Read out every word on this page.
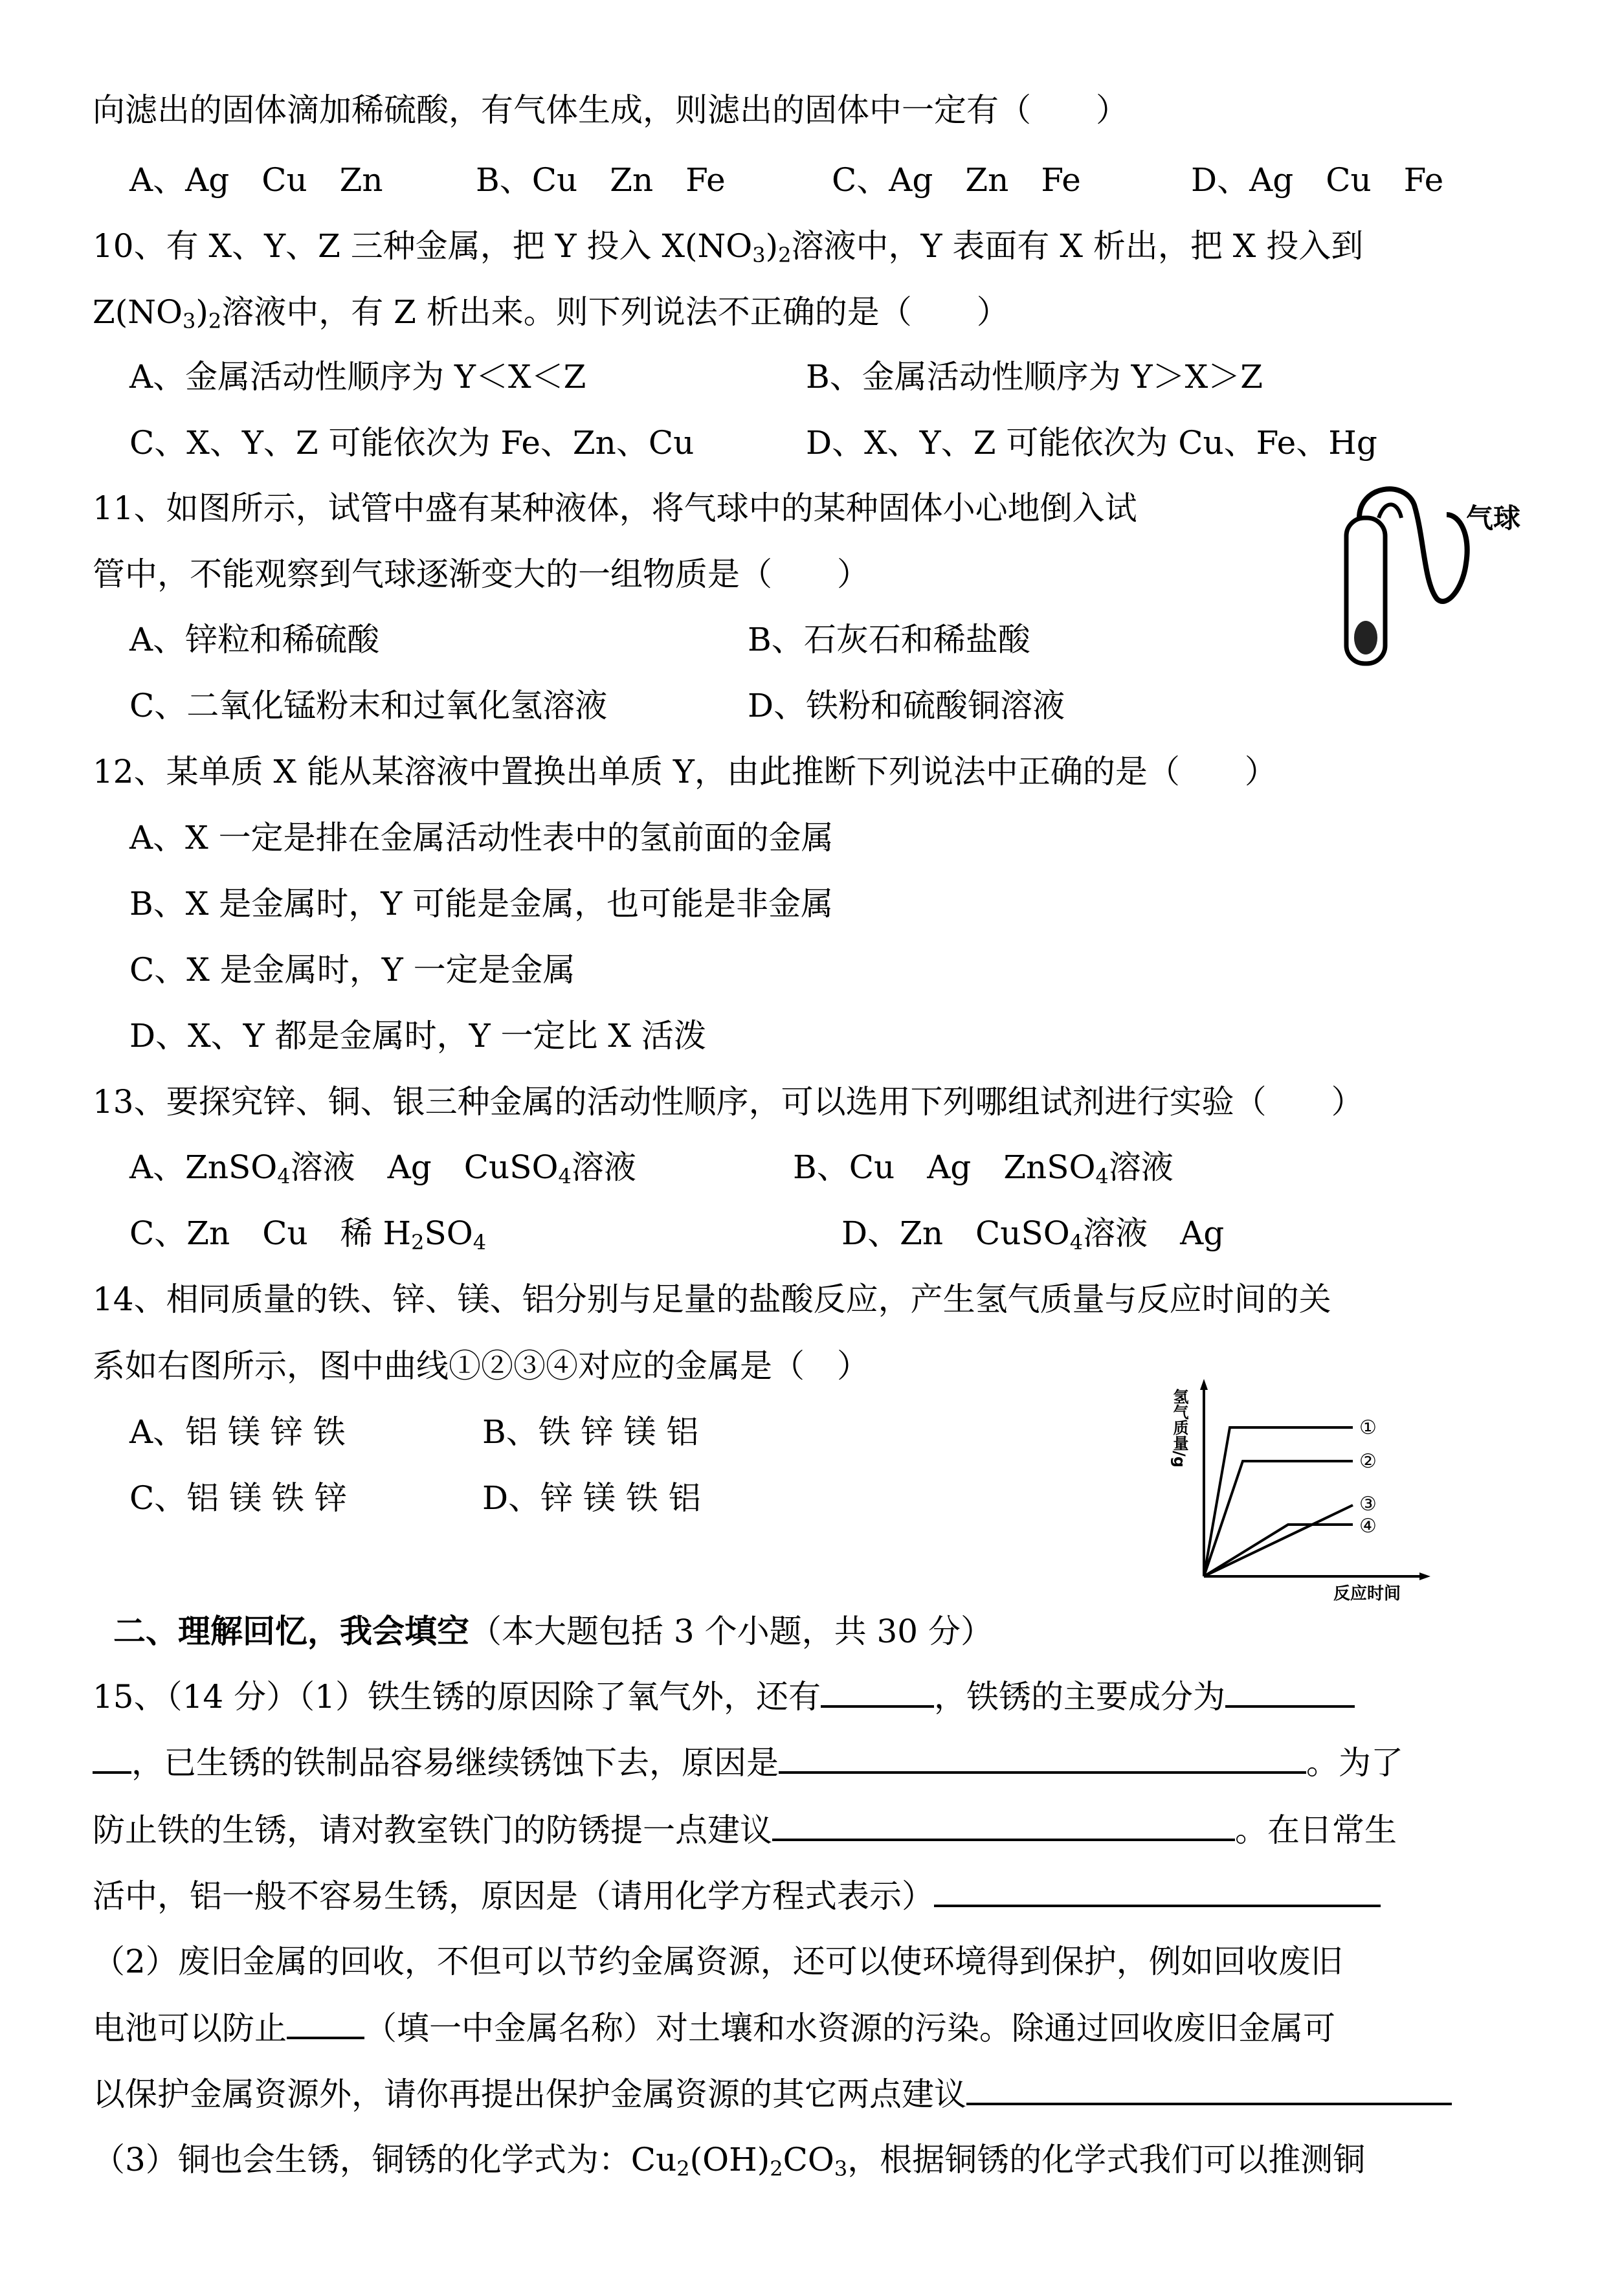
向滤出的固体滴加稀硫酸，有气体生成，则滤出的固体中一定有（　　）
A、Ag　Cu　Zn	B、Cu　Zn　Fe	C、Ag　Zn　Fe	D、Ag　Cu　Fe
10、有 X、Y、Z 三种金属，把 Y 投入 $X(NO_3)_2$溶液中，Y 表面有 X 析出，把 X 投入到
$Z(NO_3)_2$溶液中，有 Z 析出来。则下列说法不正确的是（　　）
A、金属活动性顺序为 Y＜X＜Z	B、金属活动性顺序为 Y＞X＞Z
C、X、Y、Z 可能依次为 Fe、Zn、Cu	D、X、Y、Z 可能依次为 Cu、Fe、Hg
11、如图所示，试管中盛有某种液体，将气球中的某种固体小心地倒入试
管中，不能观察到气球逐渐变大的一组物质是（　　）
A、锌粒和稀硫酸	B、石灰石和稀盐酸
C、二氧化锰粉末和过氧化氢溶液	D、铁粉和硫酸铜溶液
气球
12、某单质 X 能从某溶液中置换出单质 Y，由此推断下列说法中正确的是（　　）
A、X 一定是排在金属活动性表中的氢前面的金属
B、X 是金属时，Y 可能是金属，也可能是非金属
C、X 是金属时，Y 一定是金属
D、X、Y 都是金属时，Y 一定比 X 活泼
13、要探究锌、铜、银三种金属的活动性顺序，可以选用下列哪组试剂进行实验（　　）
A、ZnSO$_4$溶液　Ag　CuSO$_4$溶液	B、Cu　Ag　ZnSO$_4$溶液
C、Zn　Cu　稀 $H_2SO_4$	D、Zn　CuSO$_4$溶液　Ag
14、相同质量的铁、锌、镁、铝分别与足量的盐酸反应，产生氢气质量与反应时间的关
系如右图所示，图中曲线①②③④对应的金属是（　）
A、铝 镁 锌 铁	B、铁 锌 镁 铝
C、铝 镁 铁 锌	D、锌 镁 铁 铝
氢气质量/g
反应时间
①
②
③
④
二、理解回忆，我会填空（本大题包括 3 个小题，共 30 分）
15、（14 分）（1）铁生锈的原因除了氧气外，还有	，铁锈的主要成分为
，已生锈的铁制品容易继续锈蚀下去，原因是	。为了
防止铁的生锈，请对教室铁门的防锈提一点建议	。在日常生
活中，铝一般不容易生锈，原因是（请用化学方程式表示）
（2）废旧金属的回收，不但可以节约金属资源，还可以使环境得到保护，例如回收废旧
电池可以防止 （填一中金属名称）对土壤和水资源的污染。除通过回收废旧金属可
以保护金属资源外，请你再提出保护金属资源的其它两点建议
（3）铜也会生锈，铜锈的化学式为：$Cu_2(OH)_2CO_3$，根据铜锈的化学式我们可以推测铜
